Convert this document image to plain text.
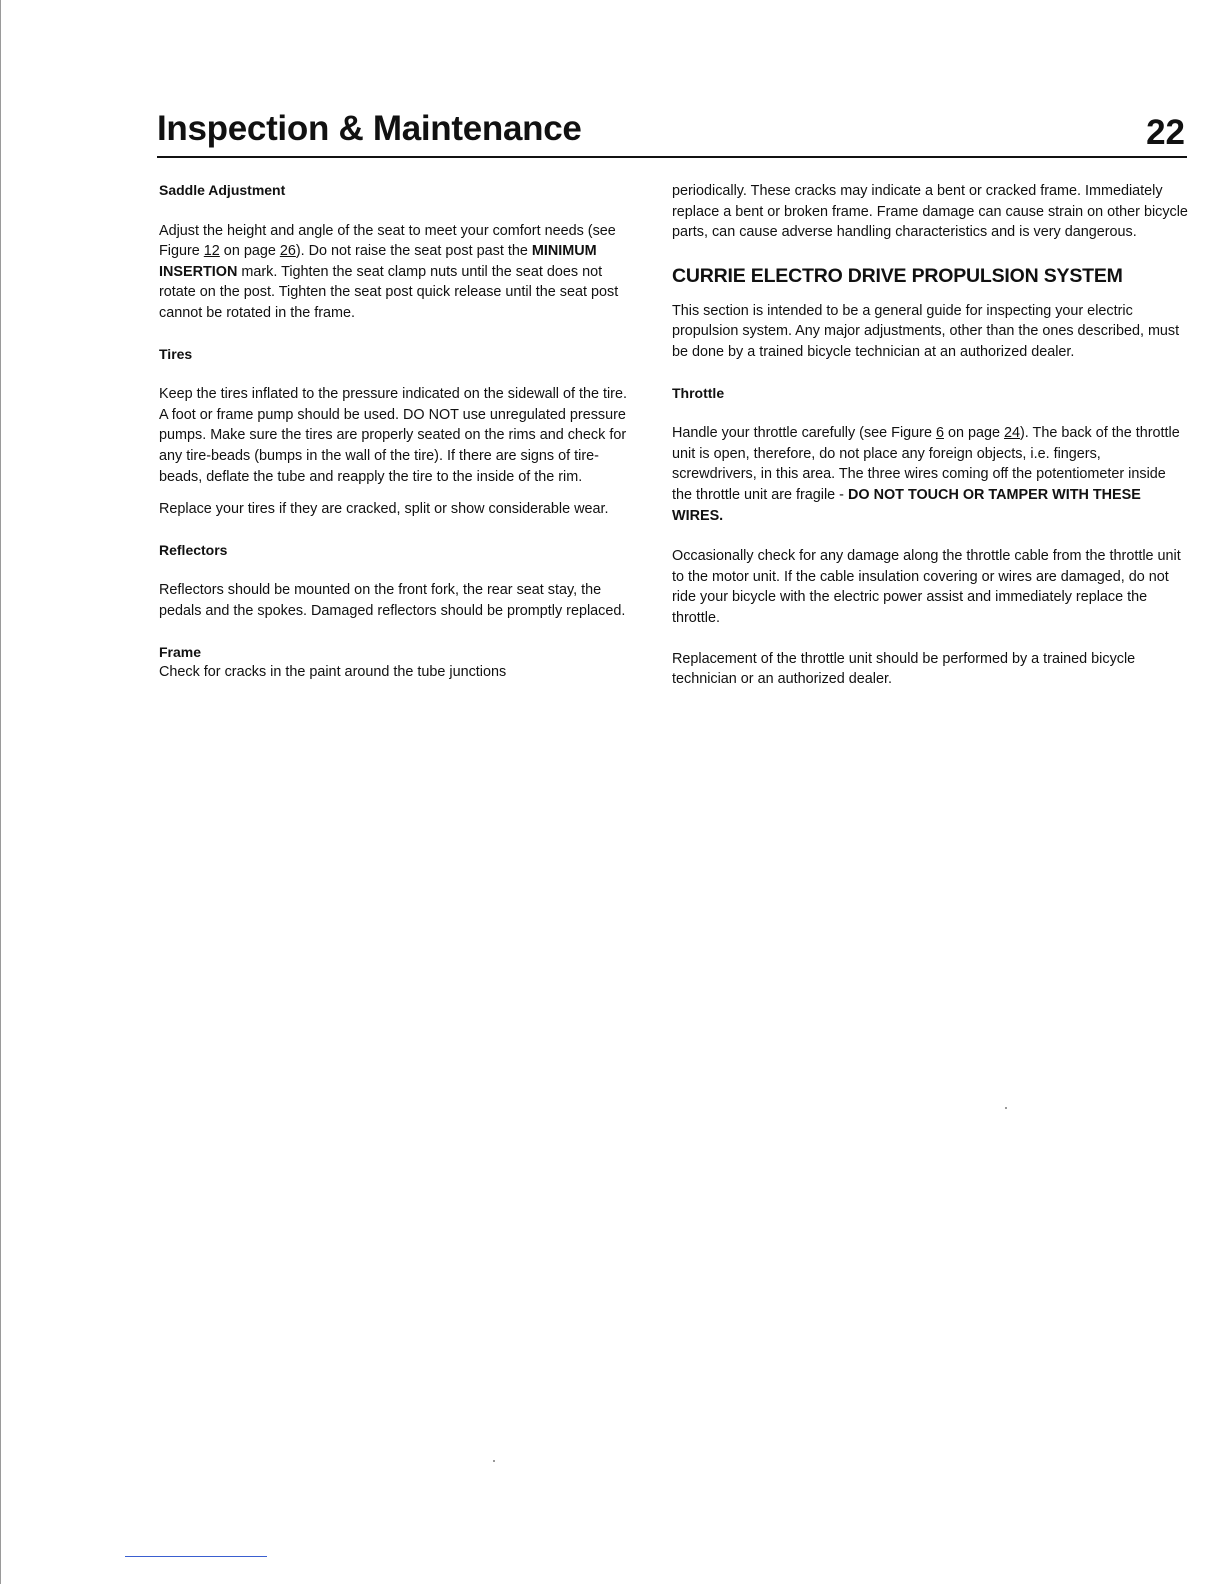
Inspection & Maintenance	22

Saddle Adjustment

Adjust the height and angle of the seat to meet your comfort needs (see Figure 12 on page 26). Do not raise the seat post past the MINIMUM INSERTION mark. Tighten the seat clamp nuts until the seat does not rotate on the post. Tighten the seat post quick release until the seat post cannot be rotated in the frame.

Tires

Keep the tires inflated to the pressure indicated on the sidewall of the tire. A foot or frame pump should be used. DO NOT use unregulated pressure pumps. Make sure the tires are properly seated on the rims and check for any tire-beads (bumps in the wall of the tire). If there are signs of tire-beads, deflate the tube and reapply the tire to the inside of the rim.

Replace your tires if they are cracked, split or show considerable wear.

Reflectors

Reflectors should be mounted on the front fork, the rear seat stay, the pedals and the spokes. Damaged reflectors should be promptly replaced.

Frame

Check for cracks in the paint around the tube junctions

periodically. These cracks may indicate a bent or cracked frame. Immediately replace a bent or broken frame. Frame damage can cause strain on other bicycle parts, can cause adverse handling characteristics and is very dangerous.

CURRIE ELECTRO DRIVE PROPULSION SYSTEM

This section is intended to be a general guide for inspecting your electric propulsion system. Any major adjustments, other than the ones described, must be done by a trained bicycle technician at an authorized dealer.

Throttle

Handle your throttle carefully (see Figure 6 on page 24). The back of the throttle unit is open, therefore, do not place any foreign objects, i.e. fingers, screwdrivers, in this area. The three wires coming off the potentiometer inside the throttle unit are fragile - DO NOT TOUCH OR TAMPER WITH THESE WIRES.

Occasionally check for any damage along the throttle cable from the throttle unit to the motor unit. If the cable insulation covering or wires are damaged, do not ride your bicycle with the electric power assist and immediately replace the throttle.

Replacement of the throttle unit should be performed by a trained bicycle technician or an authorized dealer.
